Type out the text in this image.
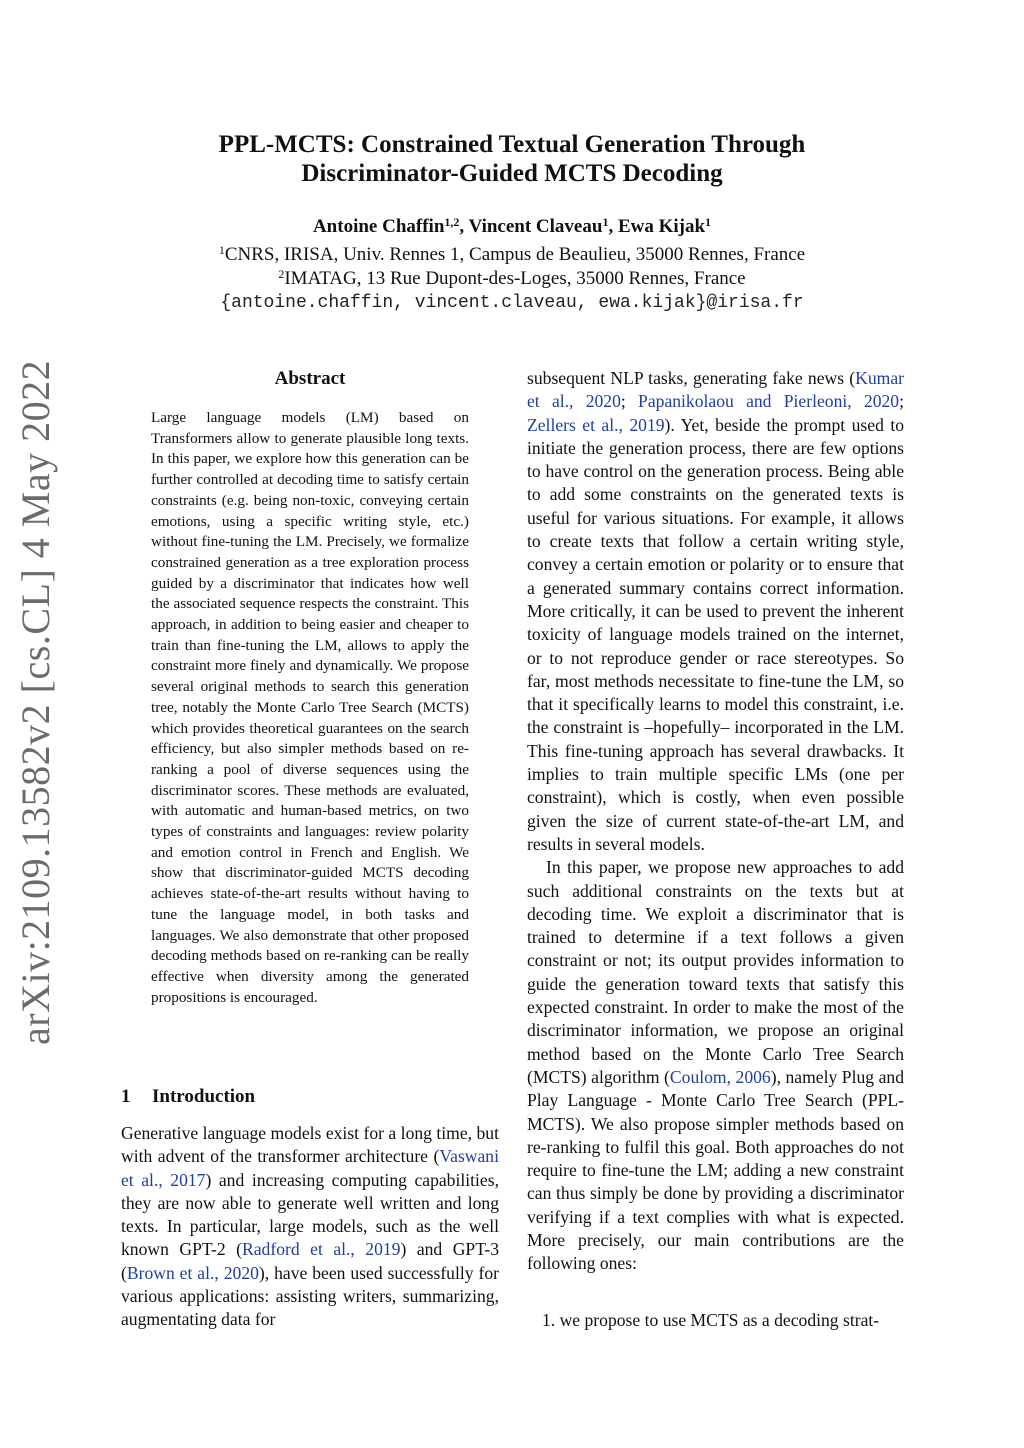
arXiv:2109.13582v2 [cs.CL] 4 May 2022
PPL-MCTS: Constrained Textual Generation Through
Discriminator-Guided MCTS Decoding
Antoine Chaffin$^{1,2}$, Vincent Claveau$^1$, Ewa Kijak$^1$
$^1$CNRS, IRISA, Univ. Rennes 1, Campus de Beaulieu, 35000 Rennes, France
$^2$IMATAG, 13 Rue Dupont-des-Loges, 35000 Rennes, France
{antoine.chaffin, vincent.claveau, ewa.kijak}@irisa.fr
Abstract
Large language models (LM) based on Transformers allow to generate plausible long texts. In this paper, we explore how this generation can be further controlled at decoding time to satisfy certain constraints (e.g. being non-toxic, conveying certain emotions, using a specific writing style, etc.) without fine-tuning the LM. Precisely, we formalize constrained generation as a tree exploration process guided by a discriminator that indicates how well the associated sequence respects the constraint. This approach, in addition to being easier and cheaper to train than fine-tuning the LM, allows to apply the constraint more finely and dynamically. We propose several original methods to search this generation tree, notably the Monte Carlo Tree Search (MCTS) which provides theoretical guarantees on the search efficiency, but also simpler methods based on re-ranking a pool of diverse sequences using the discriminator scores. These methods are evaluated, with automatic and human-based metrics, on two types of constraints and languages: review polarity and emotion control in French and English. We show that discriminator-guided MCTS decoding achieves state-of-the-art results without having to tune the language model, in both tasks and languages. We also demonstrate that other proposed decoding methods based on re-ranking can be really effective when diversity among the generated propositions is encouraged.
1 Introduction
Generative language models exist for a long time, but with advent of the transformer architecture (Vaswani et al., 2017) and increasing computing capabilities, they are now able to generate well written and long texts. In particular, large models, such as the well known GPT-2 (Radford et al., 2019) and GPT-3 (Brown et al., 2020), have been used successfully for various applications: assisting writers, summarizing, augmentating data for

subsequent NLP tasks, generating fake news (Kumar et al., 2020; Papanikolaou and Pierleoni, 2020; Zellers et al., 2019). Yet, beside the prompt used to initiate the generation process, there are few options to have control on the generation process. Being able to add some constraints on the generated texts is useful for various situations. For example, it allows to create texts that follow a certain writing style, convey a certain emotion or polarity or to ensure that a generated summary contains correct information. More critically, it can be used to prevent the inherent toxicity of language models trained on the internet, or to not reproduce gender or race stereotypes. So far, most methods necessitate to fine-tune the LM, so that it specifically learns to model this constraint, i.e. the constraint is –hopefully– incorporated in the LM. This fine-tuning approach has several drawbacks. It implies to train multiple specific LMs (one per constraint), which is costly, when even possible given the size of current state-of-the-art LM, and results in several models.

In this paper, we propose new approaches to add such additional constraints on the texts but at decoding time. We exploit a discriminator that is trained to determine if a text follows a given constraint or not; its output provides information to guide the generation toward texts that satisfy this expected constraint. In order to make the most of the discriminator information, we propose an original method based on the Monte Carlo Tree Search (MCTS) algorithm (Coulom, 2006), namely Plug and Play Language - Monte Carlo Tree Search (PPL-MCTS). We also propose simpler methods based on re-ranking to fulfil this goal. Both approaches do not require to fine-tune the LM; adding a new constraint can thus simply be done by providing a discriminator verifying if a text complies with what is expected. More precisely, our main contributions are the following ones:

1. we propose to use MCTS as a decoding strat-
